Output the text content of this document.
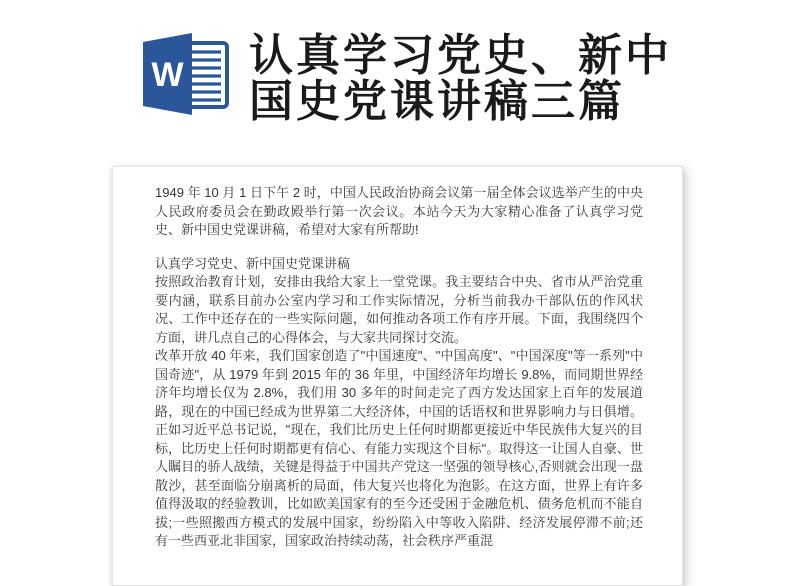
W 认真学习党史、新中
国史党课讲稿三篇

1949 年 10 月 1 日下午 2 时，中国人民政治协商会议第一届全体会议选举产生的中央人民政府委员会在勤政殿举行第一次会议。本站今天为大家精心准备了认真学习党史、新中国史党课讲稿，希望对大家有所帮助!

认真学习党史、新中国史党课讲稿

按照政治教育计划，安排由我给大家上一堂党课。我主要结合中央、省市从严治党重要内涵，联系目前办公室内学习和工作实际情况，分析当前我办干部队伍的作风状况、工作中还存在的一些实际问题，如何推动各项工作有序开展。下面，我围绕四个方面，讲几点自己的心得体会，与大家共同探讨交流。

改革开放 40 年来，我们国家创造了"中国速度"、"中国高度"、"中国深度"等一系列"中国奇迹"，从 1979 年到 2015 年的 36 年里，中国经济年均增长 9.8%，而同期世界经济年均增长仅为 2.8%，我们用 30 多年的时间走完了西方发达国家上百年的发展道路，现在的中国已经成为世界第二大经济体，中国的话语权和世界影响力与日俱增。正如习近平总书记说，"现在，我们比历史上任何时期都更接近中华民族伟大复兴的目标，比历史上任何时期都更有信心、有能力实现这个目标"。取得这一让国人自豪、世人瞩目的骄人战绩，关键是得益于中国共产党这一坚强的领导核心,否则就会出现一盘散沙，甚至面临分崩离析的局面，伟大复兴也将化为泡影。在这方面，世界上有许多值得汲取的经验教训，比如欧美国家有的至今还受困于金融危机、债务危机而不能自拔;一些照搬西方模式的发展中国家，纷纷陷入中等收入陷阱、经济发展停滞不前;还有一些西亚北非国家，国家政治持续动荡，社会秩序严重混
